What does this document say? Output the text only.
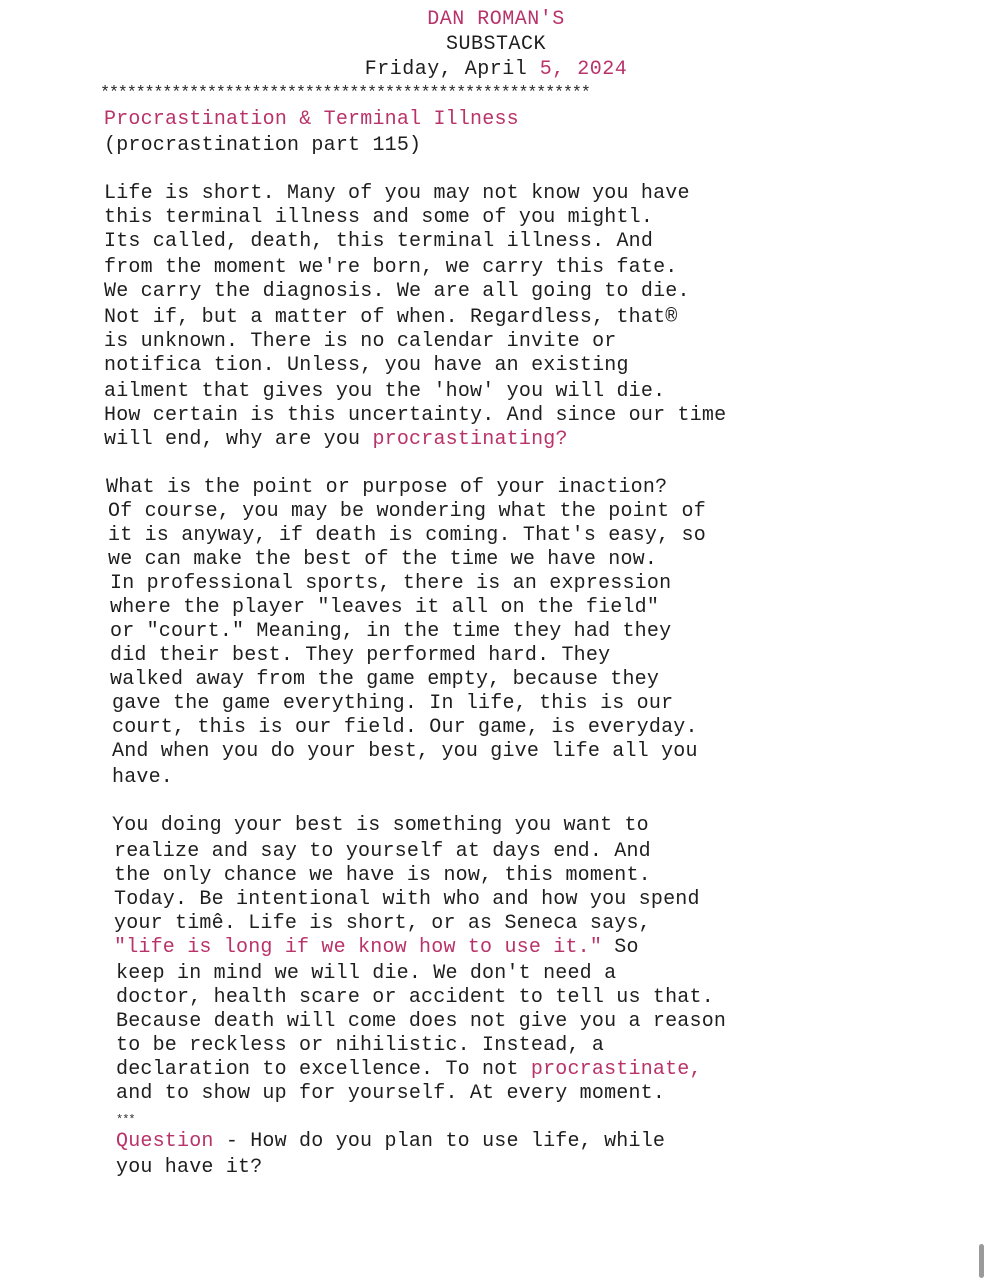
DAN ROMAN'S
SUBSTACK
Friday, April 5, 2024
*******************************************************
Procrastination & Terminal Illness
(procrastination part 115)
Life is short. Many of you may not know you have
this terminal illness and some of you mightl.
Its called, death, this terminal illness. And
from the moment we're born, we carry this fate.
We carry the diagnosis. We are all going to die.
Not if, but a matter of when. Regardless, that®
is unknown. There is no calendar invite or
notifica tion. Unless, you have an existing
ailment that gives you the 'how' you will die.
How certain is this uncertainty. And since our time
will end, why are you procrastinating?
What is the point or purpose of your inaction?
Of course, you may be wondering what the point of
it is anyway, if death is coming. That's easy, so
we can make the best of the time we have now.
In professional sports, there is an expression
where the player "leaves it all on the field"
or "court." Meaning, in the time they had they
did their best. They performed hard. They
walked away from the game empty, because they
gave the game everything. In life, this is our
court, this is our field. Our game, is everyday.
And when you do your best, you give life all you
have.
You doing your best is something you want to
realize and say to yourself at days end. And
the only chance we have is now, this moment.
Today. Be intentional with who and how you spend
your timê. Life is short, or as Seneca says,
"life is long if we know how to use it." So
keep in mind we will die. We don't need a
doctor, health scare or accident to tell us that.
Because death will come does not give you a reason
to be reckless or nihilistic. Instead, a
declaration to excellence. To not procrastinate,
and to show up for yourself. At every moment.
Question - How do you plan to use life, while
you have it?
***
